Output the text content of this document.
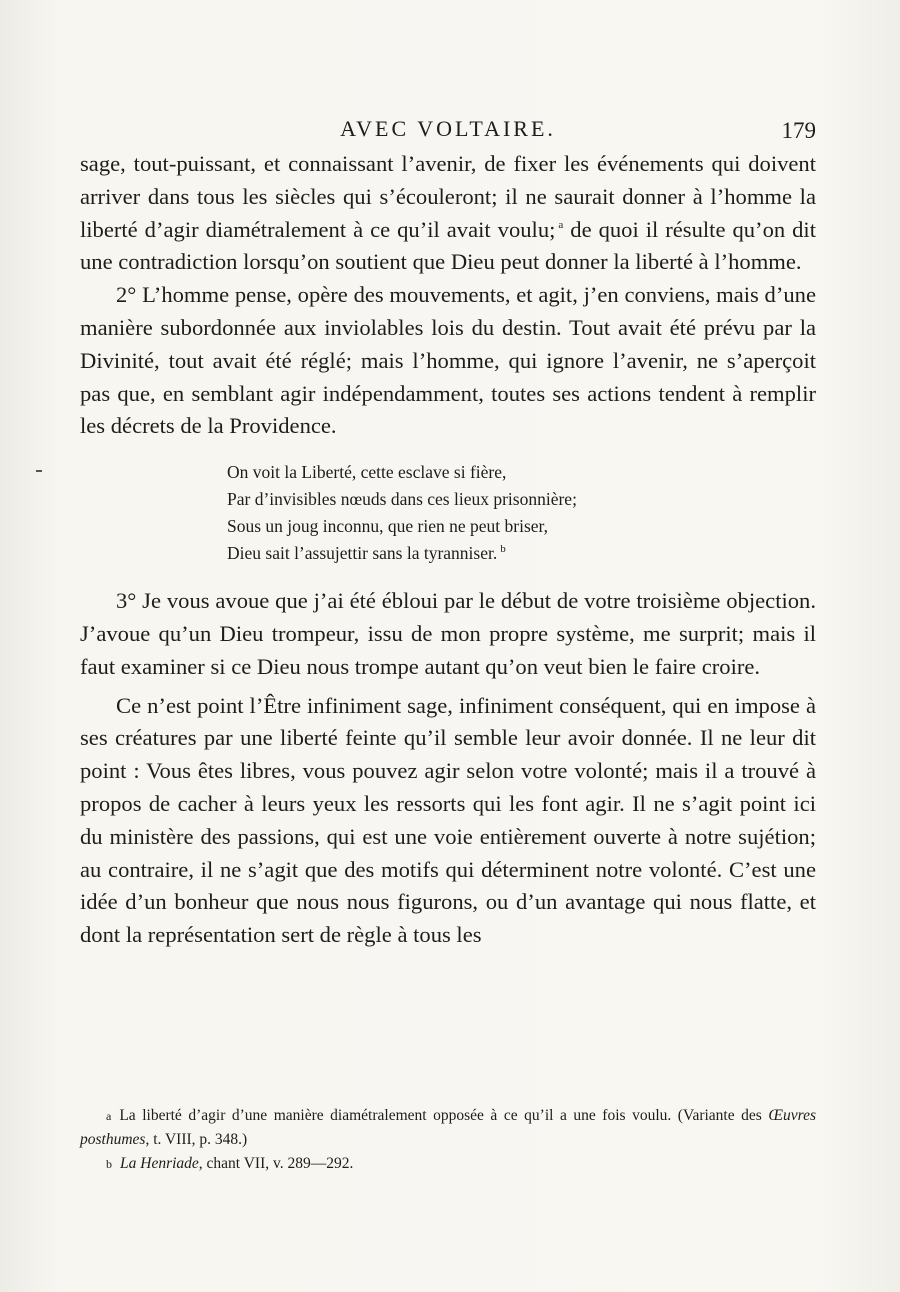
AVEC VOLTAIRE.	179

sage, tout-puissant, et connaissant l’avenir, de fixer les événements qui doivent arriver dans tous les siècles qui s’écouleront; il ne saurait donner à l’homme la liberté d’agir diamétralement à ce qu’il avait voulu; $^a$ de quoi il résulte qu’on dit une contradiction lorsqu’on soutient que Dieu peut donner la liberté à l’homme.

2° L’homme pense, opère des mouvements, et agit, j’en conviens, mais d’une manière subordonnée aux inviolables lois du destin. Tout avait été prévu par la Divinité, tout avait été réglé; mais l’homme, qui ignore l’avenir, ne s’aperçoit pas que, en semblant agir indépendamment, toutes ses actions tendent à remplir les décrets de la Providence.

On voit la Liberté, cette esclave si fière,
Par d’invisibles nœuds dans ces lieux prisonnière;
Sous un joug inconnu, que rien ne peut briser,
Dieu sait l’assujettir sans la tyranniser. $^b$

3° Je vous avoue que j’ai été ébloui par le début de votre troisième objection. J’avoue qu’un Dieu trompeur, issu de mon propre système, me surprit; mais il faut examiner si ce Dieu nous trompe autant qu’on veut bien le faire croire.

Ce n’est point l’Être infiniment sage, infiniment conséquent, qui en impose à ses créatures par une liberté feinte qu’il semble leur avoir donnée. Il ne leur dit point : Vous êtes libres, vous pouvez agir selon votre volonté; mais il a trouvé à propos de cacher à leurs yeux les ressorts qui les font agir. Il ne s’agit point ici du ministère des passions, qui est une voie entièrement ouverte à notre sujétion; au contraire, il ne s’agit que des motifs qui déterminent notre volonté. C’est une idée d’un bonheur que nous nous figurons, ou d’un avantage qui nous flatte, et dont la représentation sert de règle à tous les

a La liberté d’agir d’une manière diamétralement opposée à ce qu’il a une fois voulu. (Variante des Œuvres posthumes, t. VIII, p. 348.)

b La Henriade, chant VII, v. 289—292.
